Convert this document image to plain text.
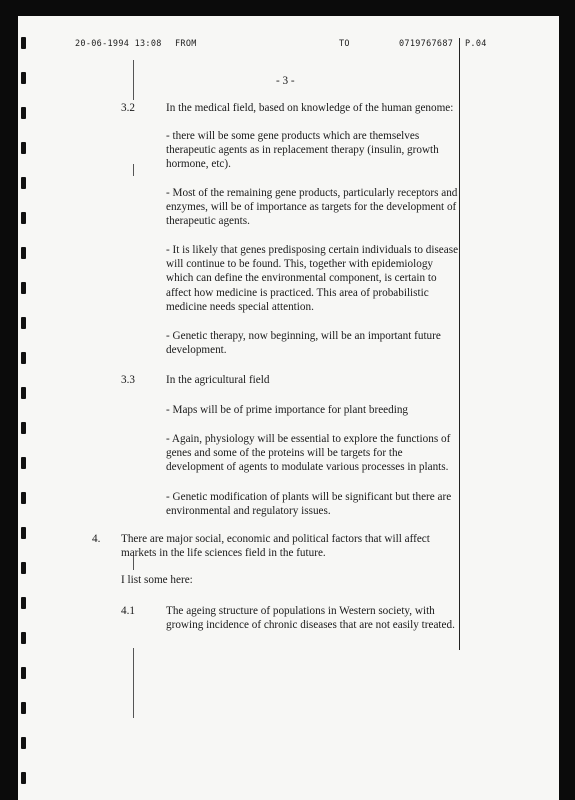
20-06-1994 13:08 FROM	TO	0719767687 P.04
- 3 -
3.2	In the medical field, based on knowledge of the human genome:
- there will be some gene products which are themselves
therapeutic agents as in replacement therapy (insulin, growth
hormone, etc).
- Most of the remaining gene products, particularly receptors and
enzymes, will be of importance as targets for the development of
therapeutic agents.
- It is likely that genes predisposing certain individuals to disease
will continue to be found. This, together with epidemiology
which can define the environmental component, is certain to
affect how medicine is practiced. This area of probabilistic
medicine needs special attention.
- Genetic therapy, now beginning, will be an important future
development.
3.3	In the agricultural field
- Maps will be of prime importance for plant breeding
- Again, physiology will be essential to explore the functions of
genes and some of the proteins will be targets for the
development of agents to modulate various processes in plants.
- Genetic modification of plants will be significant but there are
environmental and regulatory issues.
4. There are major social, economic and political factors that will affect
markets in the life sciences field in the future.
I list some here:
4.1	The ageing structure of populations in Western society, with
growing incidence of chronic diseases that are not easily treated.
